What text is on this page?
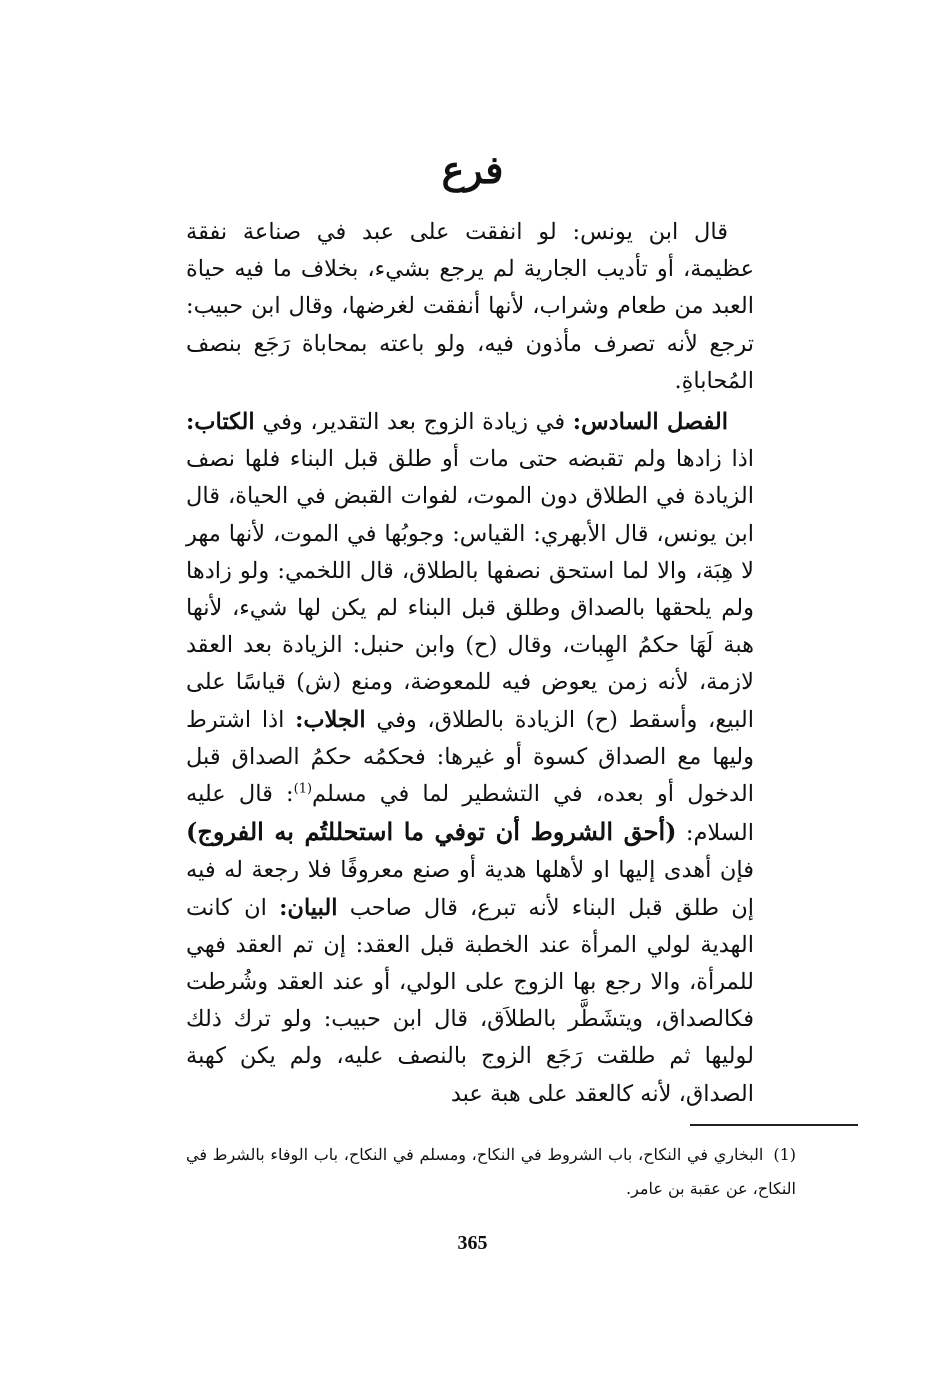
فرع

قال ابن يونس: لو انفقت على عبد في صناعة نفقة عظيمة، أو تأديب الجارية لم يرجع بشيء، بخلاف ما فيه حياة العبد من طعام وشراب، لأنها أنفقت لغرضها، وقال ابن حبيب: ترجع لأنه تصرف مأذون فيه، ولو باعته بمحاباة رَجَع بنصف المُحاباةِ.

الفصل السادس: في زيادة الزوج بعد التقدير، وفي الكتاب: اذا زادها ولم تقبضه حتى مات أو طلق قبل البناء فلها نصف الزيادة في الطلاق دون الموت، لفوات القبض في الحياة، قال ابن يونس، قال الأبهري: القياس: وجوبُها في الموت، لأنها مهر لا هِبَة، والا لما استحق نصفها بالطلاق، قال اللخمي: ولو زادها ولم يلحقها بالصداق وطلق قبل البناء لم يكن لها شيء، لأنها هبة لَهَا حكمُ الهِبات، وقال (ح) وابن حنبل: الزيادة بعد العقد لازمة، لأنه زمن يعوض فيه للمعوضة، ومنع (ش) قياسًا على البيع، وأسقط (ح) الزيادة بالطلاق، وفي الجلاب: اذا اشترط وليها مع الصداق كسوة أو غيرها: فحكمُه حكمُ الصداق قبل الدخول أو بعده، في التشطير لما في مسلم$^{(1)}$: قال عليه السلام: (أحق الشروط أن توفي ما استحللتُم به الفروج) فإن أهدى إليها او لأهلها هدية أو صنع معروفًا فلا رجعة له فيه إن طلق قبل البناء لأنه تبرع، قال صاحب البيان: ان كانت الهدية لولي المرأة عند الخطبة قبل العقد: إن تم العقد فهي للمرأة، والا رجع بها الزوج على الولي، أو عند العقد وشُرطت فكالصداق، ويتشَطَّر بالطلاَق، قال ابن حبيب: ولو ترك ذلك لوليها ثم طلقت رَجَع الزوج بالنصف عليه، ولم يكن كهبة الصداق، لأنه كالعقد على هبة عبد

(1)البخاري في النكاح، باب الشروط في النكاح، ومسلم في النكاح، باب الوفاء بالشرط في النكاح، عن عقبة بن عامر.
365
